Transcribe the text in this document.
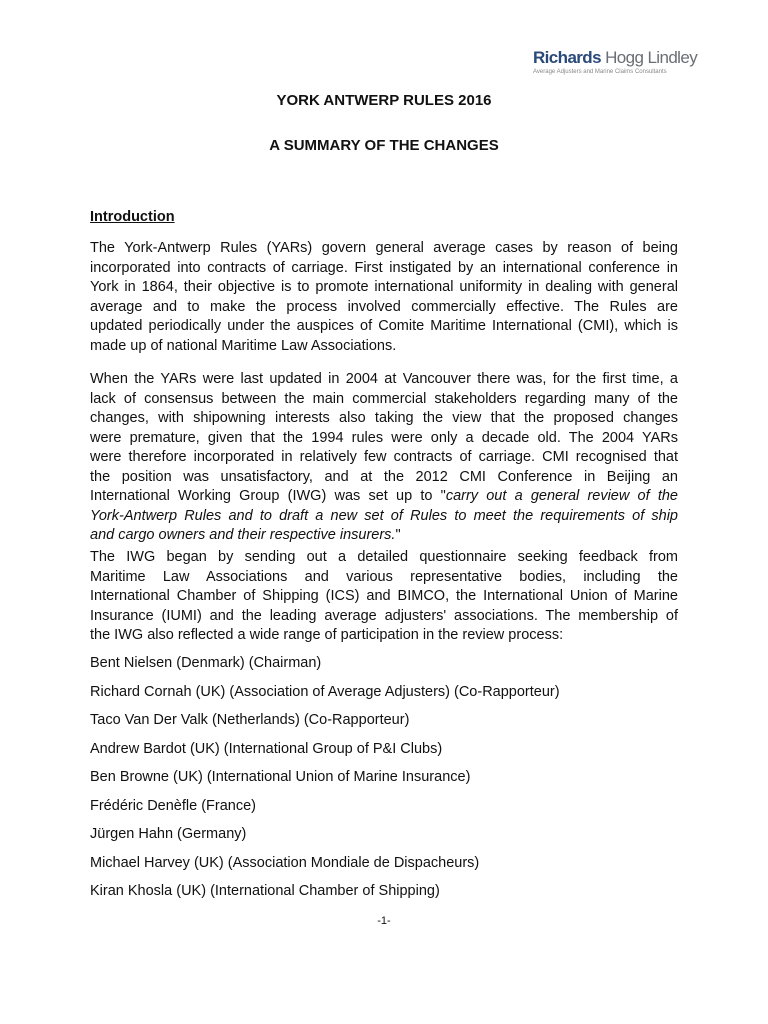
Richards Hogg Lindley
Average Adjusters and Marine Claims Consultants
YORK ANTWERP RULES 2016
A SUMMARY OF THE CHANGES
Introduction
The York-Antwerp Rules (YARs) govern general average cases by reason of being
incorporated into contracts of carriage. First instigated by an international conference in
York in 1864, their objective is to promote international uniformity in dealing with general
average and to make the process involved commercially effective. The Rules are
updated periodically under the auspices of Comite Maritime International (CMI), which is
made up of national Maritime Law Associations.
When the YARs were last updated in 2004 at Vancouver there was, for the first time, a
lack of consensus between the main commercial stakeholders regarding many of the
changes, with shipowning interests also taking the view that the proposed changes
were premature, given that the 1994 rules were only a decade old. The 2004 YARs
were therefore incorporated in relatively few contracts of carriage. CMI recognised that
the position was unsatisfactory, and at the 2012 CMI Conference in Beijing an
International Working Group (IWG) was set up to "carry out a general review of the
York-Antwerp Rules and to draft a new set of Rules to meet the requirements of ship
and cargo owners and their respective insurers."
The IWG began by sending out a detailed questionnaire seeking feedback from
Maritime Law Associations and various representative bodies, including the
International Chamber of Shipping (ICS) and BIMCO, the International Union of Marine
Insurance (IUMI) and the leading average adjusters' associations. The membership of
the IWG also reflected a wide range of participation in the review process:
Bent Nielsen (Denmark) (Chairman)
Richard Cornah (UK) (Association of Average Adjusters) (Co-Rapporteur)
Taco Van Der Valk (Netherlands) (Co-Rapporteur)
Andrew Bardot (UK) (International Group of P&I Clubs)
Ben Browne (UK) (International Union of Marine Insurance)
Frédéric Denèfle (France)
Jürgen Hahn (Germany)
Michael Harvey (UK) (Association Mondiale de Dispacheurs)
Kiran Khosla (UK) (International Chamber of Shipping)
-1-
